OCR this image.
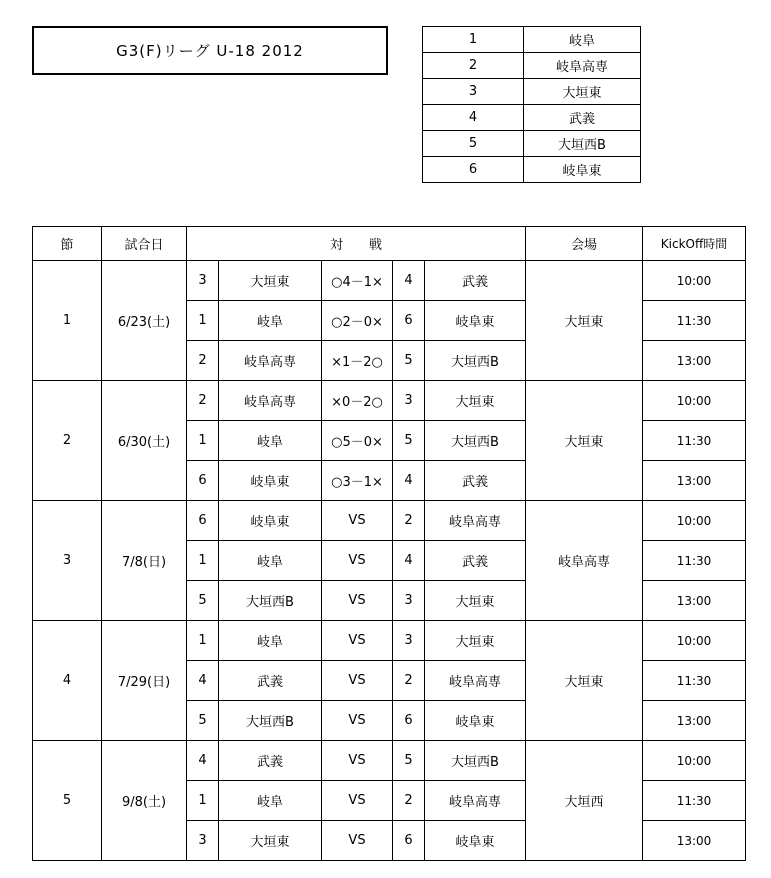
G3(F)リーグ U-18 2012
1	岐阜
2	岐阜高専
3	大垣東
4	武義
5	大垣西B
6	岐阜東
節	試合日	対　　戦					会場	KickOff時間
1	6/23(土)	3	大垣東	○4－1×	4	武義	大垣東	10:00
		1	岐阜	○2－0×	6	岐阜東		11:30
		2	岐阜高専	×1－2○	5	大垣西B		13:00
2	6/30(土)	2	岐阜高専	×0－2○	3	大垣東	大垣東	10:00
		1	岐阜	○5－0×	5	大垣西B		11:30
		6	岐阜東	○3－1×	4	武義		13:00
3	7/8(日)	6	岐阜東	VS	2	岐阜高専	岐阜高専	10:00
		1	岐阜	VS	4	武義		11:30
		5	大垣西B	VS	3	大垣東		13:00
4	7/29(日)	1	岐阜	VS	3	大垣東	大垣東	10:00
		4	武義	VS	2	岐阜高専		11:30
		5	大垣西B	VS	6	岐阜東		13:00
5	9/8(土)	4	武義	VS	5	大垣西B	大垣西	10:00
		1	岐阜	VS	2	岐阜高専		11:30
		3	大垣東	VS	6	岐阜東		13:00
